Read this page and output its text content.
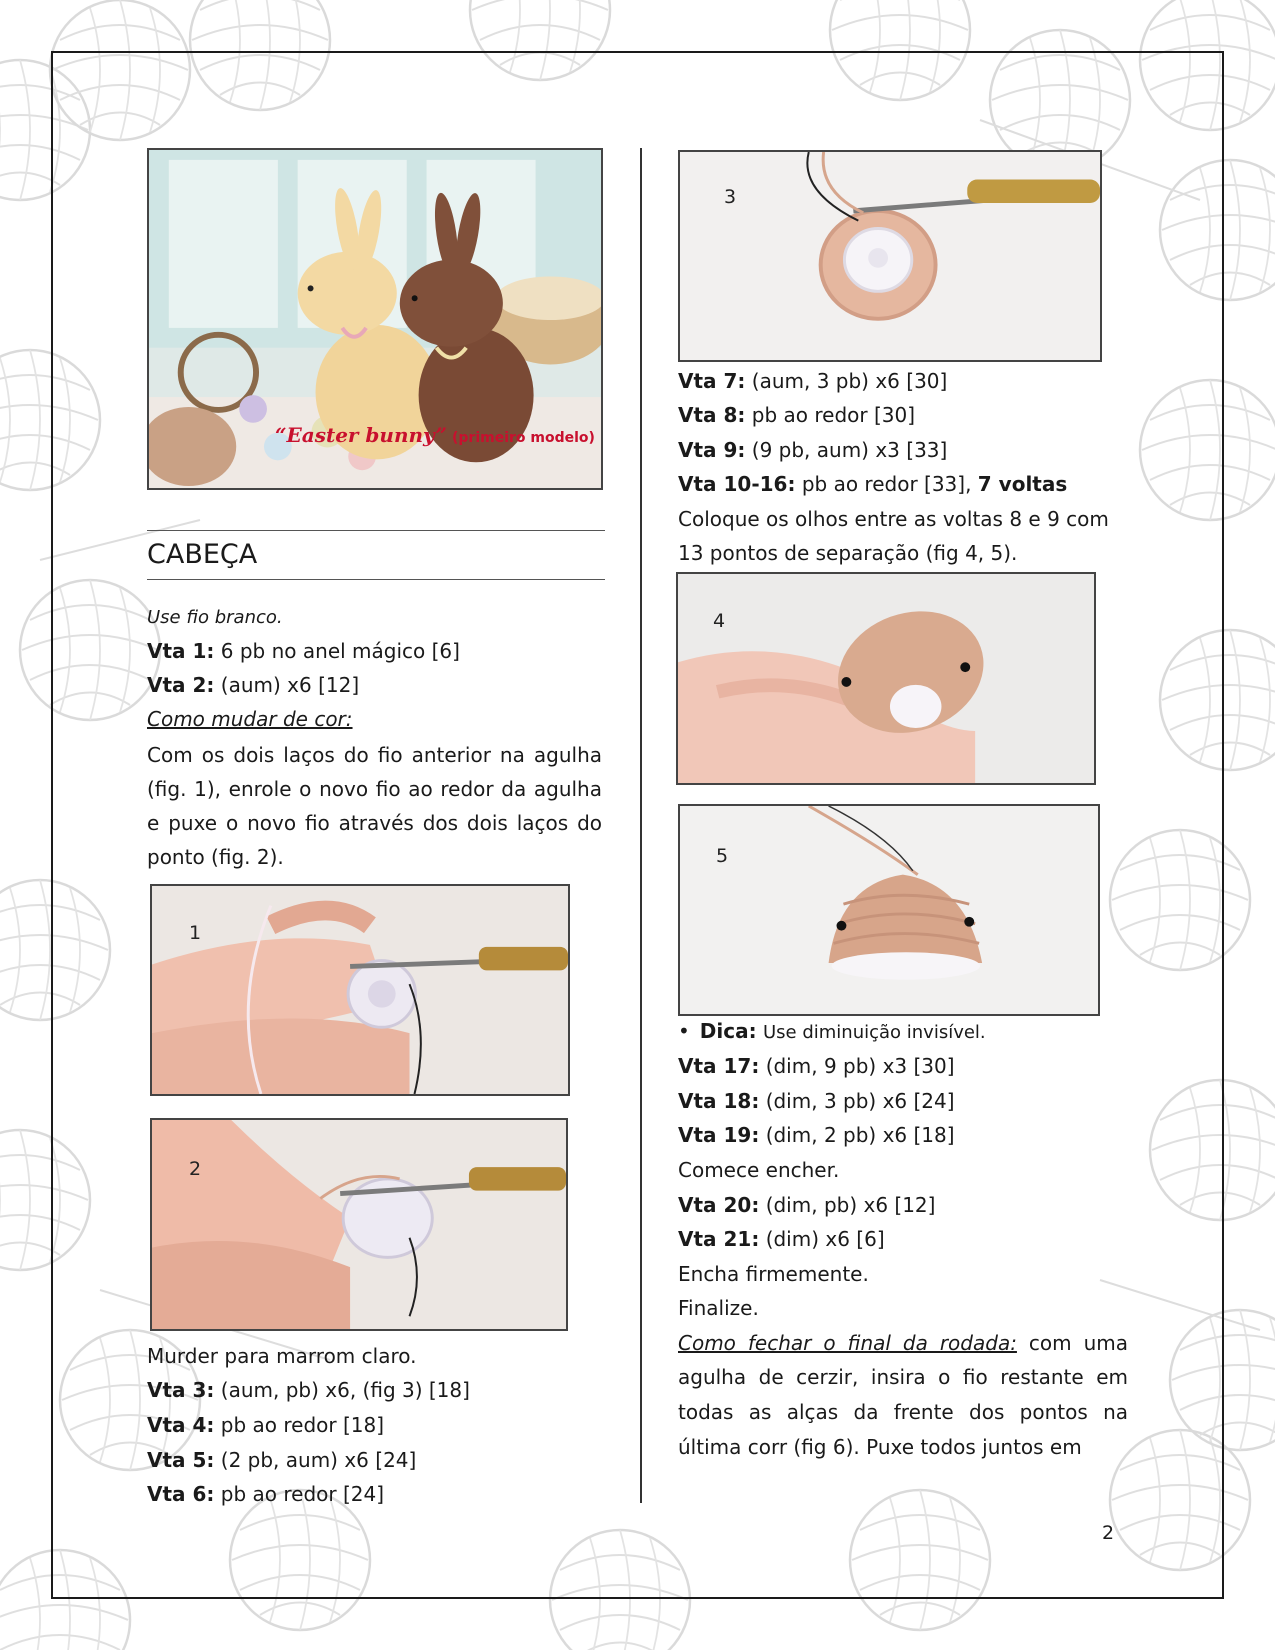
“Easter bunny” (primeiro modelo)
CABEÇA
Use fio branco.
Vta 1: 6 pb no anel mágico [6]
Vta 2: (aum) x6 [12]
Como mudar de cor:
Com os dois laços do fio anterior na agulha
(fig. 1), enrole o novo fio ao redor da agulha
e puxe o novo fio através dos dois laços do
ponto (fig. 2).
1
2
Murder para marrom claro.
Vta 3: (aum, pb) x6, (fig 3) [18]
Vta 4: pb ao redor [18]
Vta 5: (2 pb, aum) x6 [24]
Vta 6: pb ao redor [24]
3
Vta 7: (aum, 3 pb) x6 [30]
Vta 8: pb ao redor [30]
Vta 9: (9 pb, aum) x3 [33]
Vta 10-16: pb ao redor [33], 7 voltas
Coloque os olhos entre as voltas 8 e 9 com
13 pontos de separação (fig 4, 5).
4
5
• Dica: Use diminuição invisível.
Vta 17: (dim, 9 pb) x3 [30]
Vta 18: (dim, 3 pb) x6 [24]
Vta 19: (dim, 2 pb) x6 [18]
Comece encher.
Vta 20: (dim, pb) x6 [12]
Vta 21: (dim) x6 [6]
Encha firmemente.
Finalize.
Como fechar o final da rodada: com uma
agulha de cerzir, insira o fio restante em
todas as alças da frente dos pontos na
última corr (fig 6). Puxe todos juntos em
2
